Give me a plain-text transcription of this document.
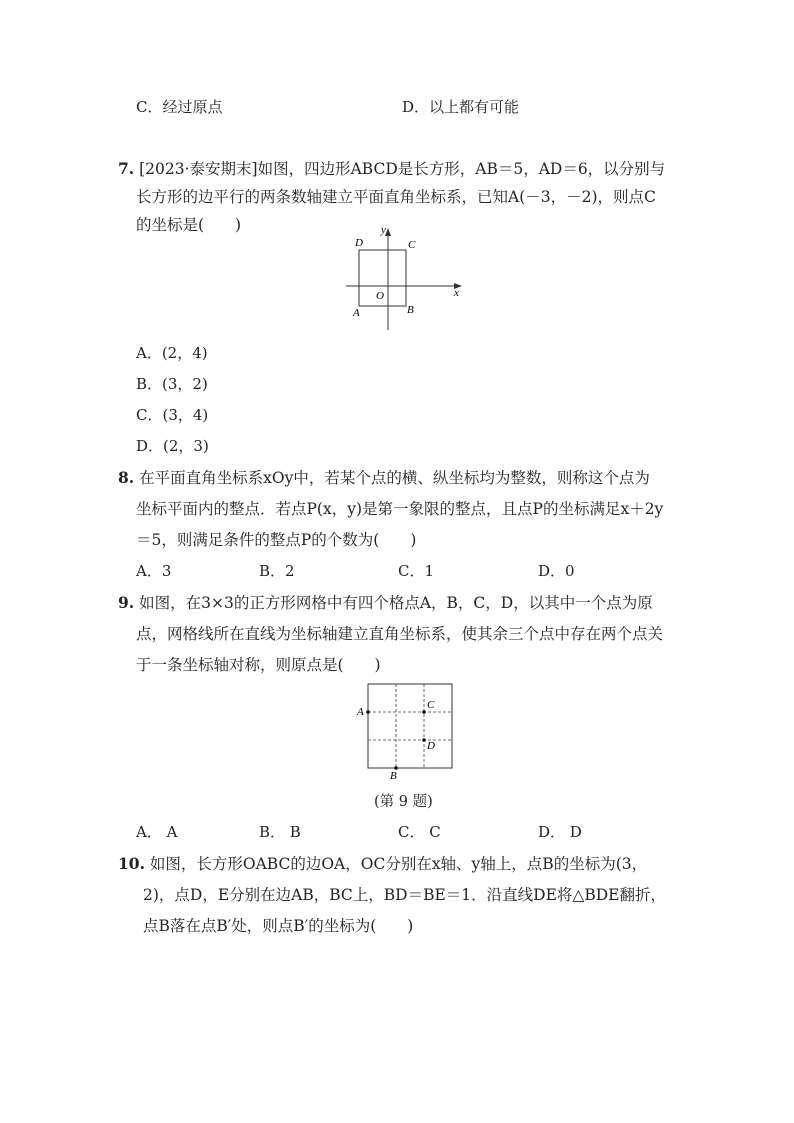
C．经过原点	D．以上都有可能
7. [2023·泰安期末]如图，四边形ABCD是长方形，AB＝5，AD＝6，以分别与
长方形的边平行的两条数轴建立平面直角坐标系，已知A(－3，－2)，则点C
的坐标是(　　)	y
D	C
O	x
A	B
A．(2，4)
B．(3，2)
C．(3，4)
D．(2，3)
8. 在平面直角坐标系xOy中，若某个点的横、纵坐标均为整数，则称这个点为
坐标平面内的整点．若点P(x，y)是第一象限的整点，且点P的坐标满足x＋2y
＝5，则满足条件的整点P的个数为(　　)
A．3	B．2	C．1	D．0
9. 如图，在3×3的正方形网格中有四个格点A，B，C，D，以其中一个点为原
点，网格线所在直线为坐标轴建立直角坐标系，使其余三个点中存在两个点关
于一条坐标轴对称，则原点是(　　)
A
C
D
B
(第 9 题)
A． A	B． B	C． C	D． D
10. 如图，长方形OABC的边OA，OC分别在x轴、y轴上，点B的坐标为(3，
2)，点D，E分别在边AB，BC上，BD＝BE＝1．沿直线DE将△BDE翻折，
点B落在点B′处，则点B′的坐标为(　　)
